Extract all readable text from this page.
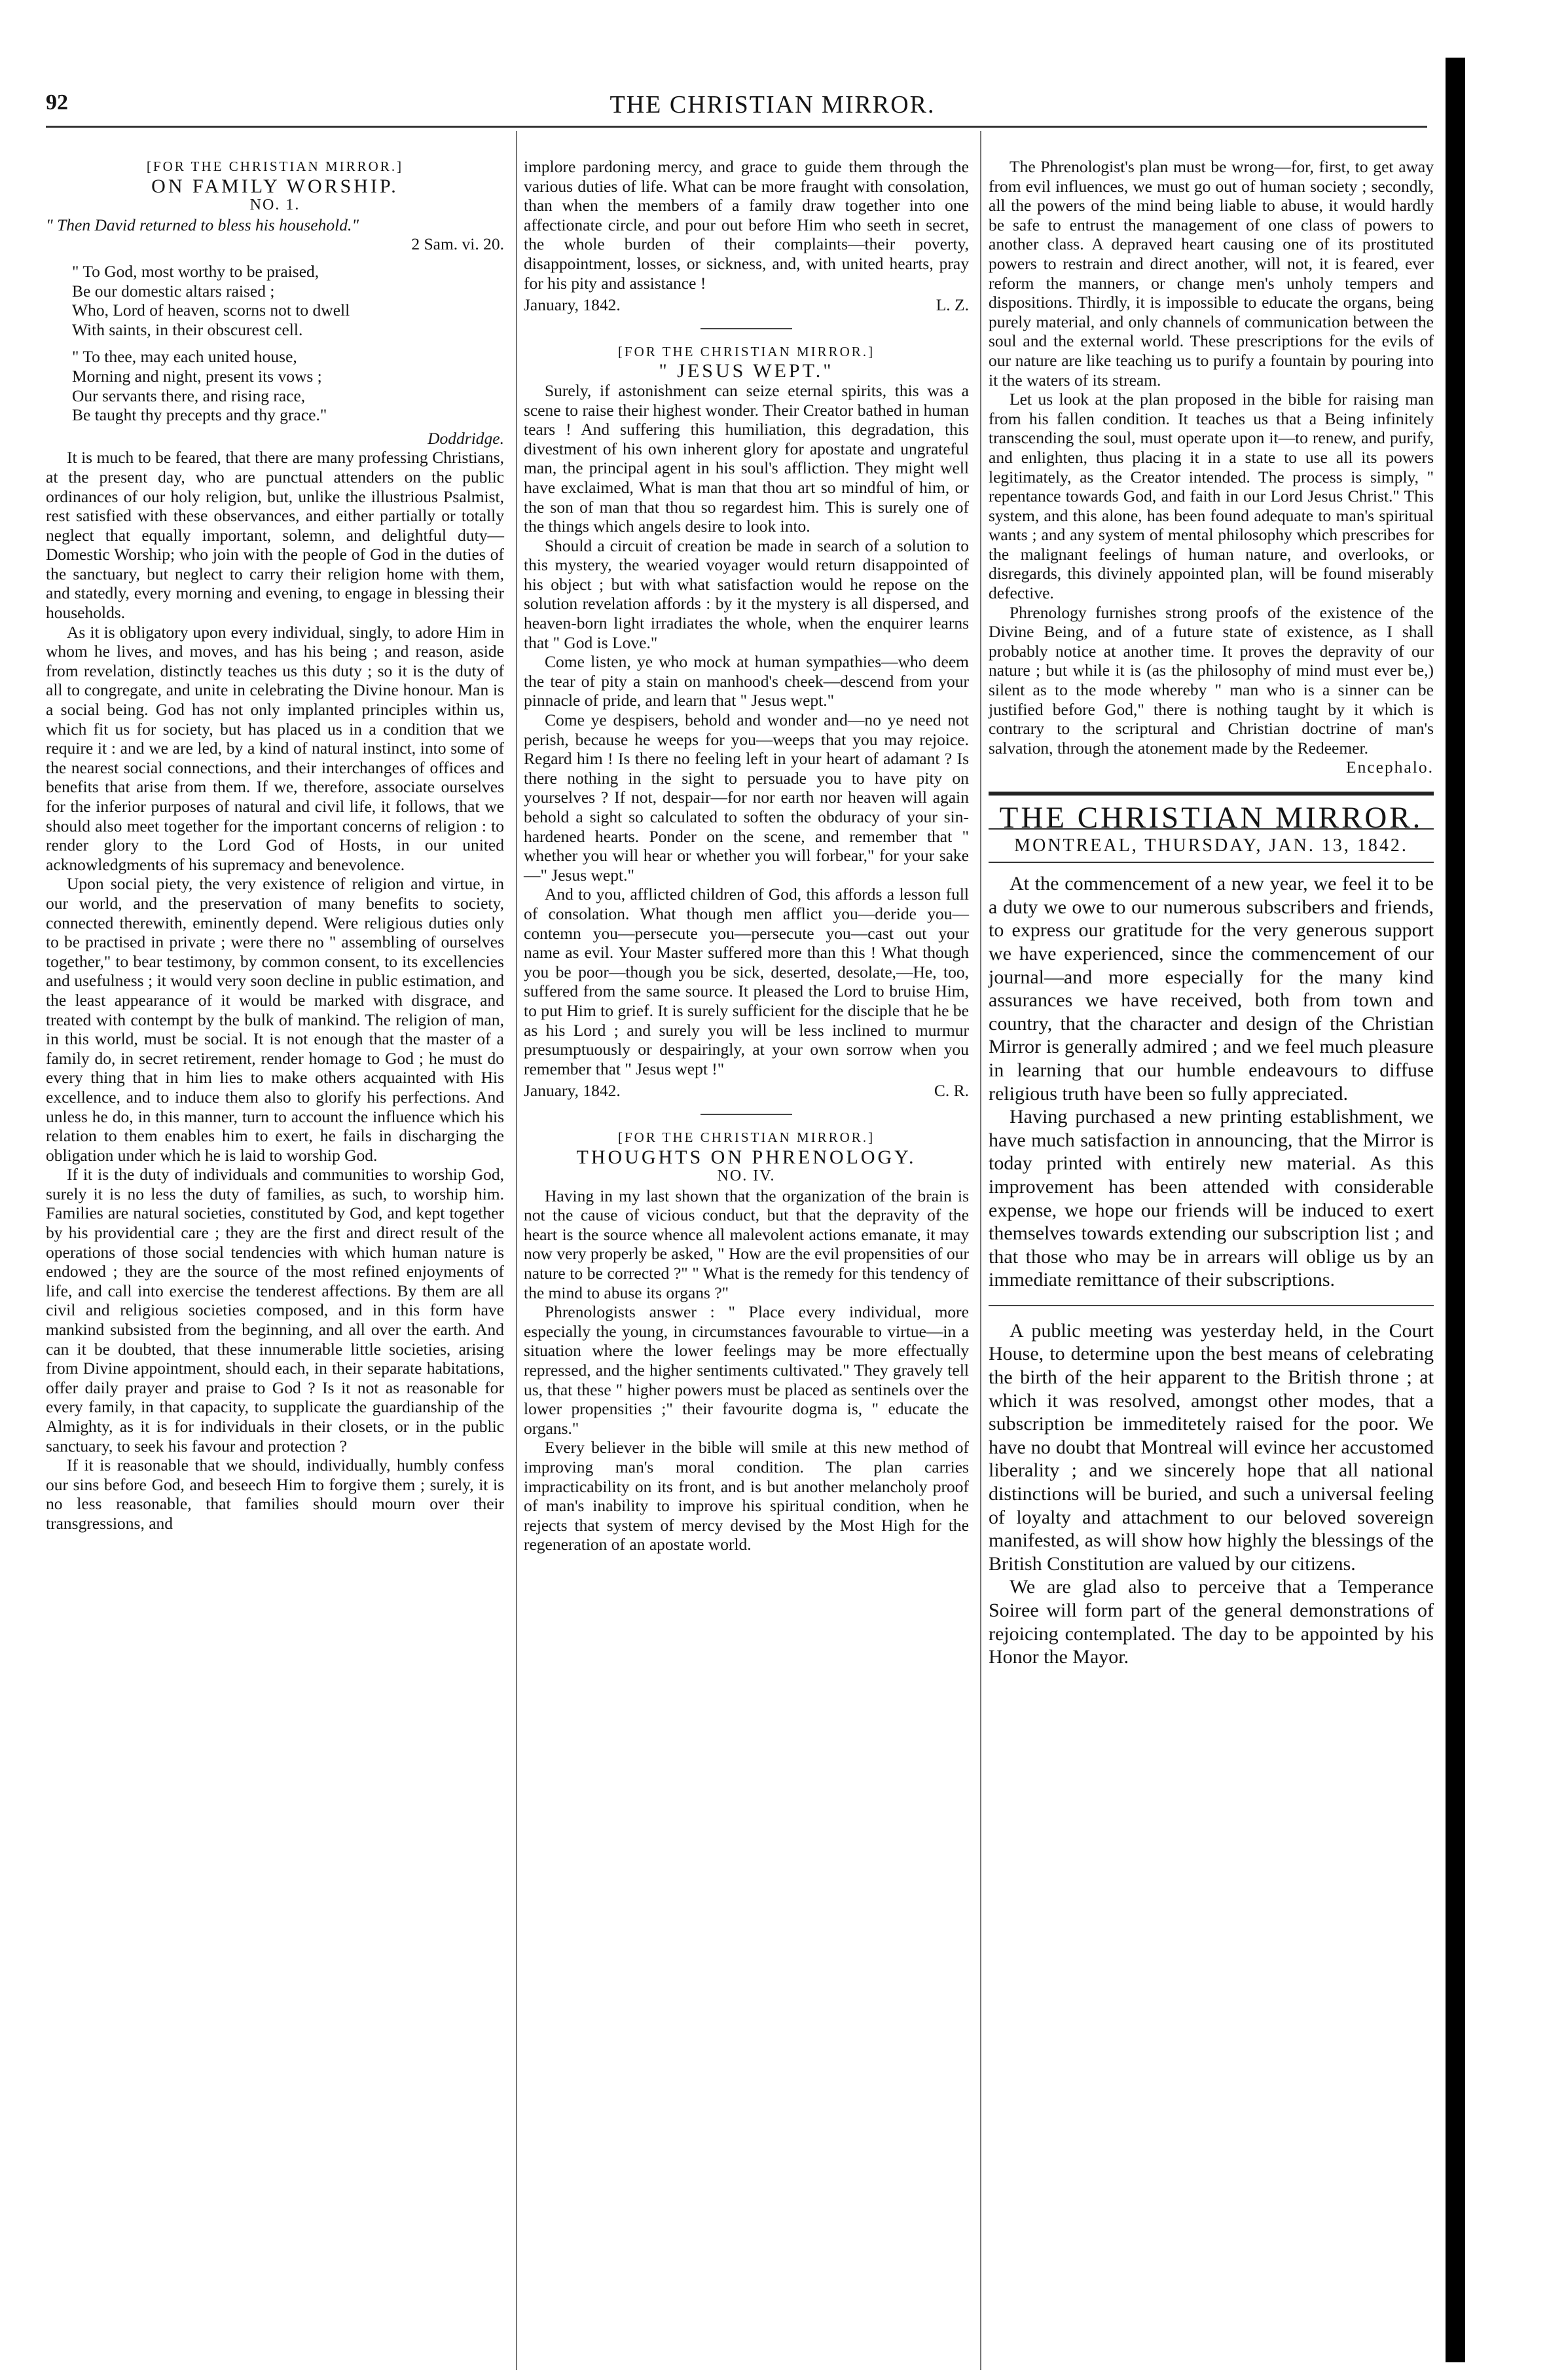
92	THE CHRISTIAN MIRROR.

[FOR THE CHRISTIAN MIRROR.]

ON FAMILY WORSHIP.

NO. 1.

" Then David returned to bless his household."

2 Sam. vi. 20.

" To God, most worthy to be praised,

Be our domestic altars raised ;

Who, Lord of heaven, scorns not to dwell

With saints, in their obscurest cell.

" To thee, may each united house,

Morning and night, present its vows ;

Our servants there, and rising race,

Be taught thy precepts and thy grace."

Doddridge.

It is much to be feared, that there are many professing Christians, at the present day, who are punctual attenders on the public ordinances of our holy religion, but, unlike the illustrious Psalmist, rest satisfied with these observances, and either partially or totally neglect that equally important, solemn, and delightful duty—Domestic Worship; who join with the people of God in the duties of the sanctuary, but neglect to carry their religion home with them, and statedly, every morning and evening, to engage in blessing their households.

As it is obligatory upon every individual, singly, to adore Him in whom he lives, and moves, and has his being ; and reason, aside from revelation, distinctly teaches us this duty ; so it is the duty of all to congregate, and unite in celebrating the Divine honour. Man is a social being. God has not only implanted principles within us, which fit us for society, but has placed us in a condition that we require it : and we are led, by a kind of natural instinct, into some of the nearest social connections, and their interchanges of offices and benefits that arise from them. If we, therefore, associate ourselves for the inferior purposes of natural and civil life, it follows, that we should also meet together for the important concerns of religion : to render glory to the Lord God of Hosts, in our united acknowledgments of his supremacy and benevolence.

Upon social piety, the very existence of religion and virtue, in our world, and the preservation of many benefits to society, connected therewith, eminently depend. Were religious duties only to be practised in private ; were there no " assembling of ourselves together," to bear testimony, by common consent, to its excellencies and usefulness ; it would very soon decline in public estimation, and the least appearance of it would be marked with disgrace, and treated with contempt by the bulk of mankind. The religion of man, in this world, must be social. It is not enough that the master of a family do, in secret retirement, render homage to God ; he must do every thing that in him lies to make others acquainted with His excellence, and to induce them also to glorify his perfections. And unless he do, in this manner, turn to account the influence which his relation to them enables him to exert, he fails in discharging the obligation under which he is laid to worship God.

If it is the duty of individuals and communities to worship God, surely it is no less the duty of families, as such, to worship him. Families are natural societies, constituted by God, and kept together by his providential care ; they are the first and direct result of the operations of those social tendencies with which human nature is endowed ; they are the source of the most refined enjoyments of life, and call into exercise the tenderest affections. By them are all civil and religious societies composed, and in this form have mankind subsisted from the beginning, and all over the earth. And can it be doubted, that these innumerable little societies, arising from Divine appointment, should each, in their separate habitations, offer daily prayer and praise to God ? Is it not as reasonable for every family, in that capacity, to supplicate the guardianship of the Almighty, as it is for individuals in their closets, or in the public sanctuary, to seek his favour and protection ?

If it is reasonable that we should, individually, humbly confess our sins before God, and beseech Him to forgive them ; surely, it is no less reasonable, that families should mourn over their transgressions, and

implore pardoning mercy, and grace to guide them through the various duties of life. What can be more fraught with consolation, than when the members of a family draw together into one affectionate circle, and pour out before Him who seeth in secret, the whole burden of their complaints—their poverty, disappointment, losses, or sickness, and, with united hearts, pray for his pity and assistance !

January, 1842.	L. Z.

[FOR THE CHRISTIAN MIRROR.]

" JESUS WEPT."

Surely, if astonishment can seize eternal spirits, this was a scene to raise their highest wonder. Their Creator bathed in human tears ! And suffering this humiliation, this degradation, this divestment of his own inherent glory for apostate and ungrateful man, the principal agent in his soul's affliction. They might well have exclaimed, What is man that thou art so mindful of him, or the son of man that thou so regardest him. This is surely one of the things which angels desire to look into.

Should a circuit of creation be made in search of a solution to this mystery, the wearied voyager would return disappointed of his object ; but with what satisfaction would he repose on the solution revelation affords : by it the mystery is all dispersed, and heaven-born light irradiates the whole, when the enquirer learns that " God is Love."

Come listen, ye who mock at human sympathies—who deem the tear of pity a stain on manhood's cheek—descend from your pinnacle of pride, and learn that " Jesus wept."

Come ye despisers, behold and wonder and—no ye need not perish, because he weeps for you—weeps that you may rejoice. Regard him ! Is there no feeling left in your heart of adamant ? Is there nothing in the sight to persuade you to have pity on yourselves ? If not, despair—for nor earth nor heaven will again behold a sight so calculated to soften the obduracy of your sin-hardened hearts. Ponder on the scene, and remember that " whether you will hear or whether you will forbear," for your sake —" Jesus wept."

And to you, afflicted children of God, this affords a lesson full of consolation. What though men afflict you—deride you—contemn you—persecute you—persecute you—cast out your name as evil. Your Master suffered more than this ! What though you be poor—though you be sick, deserted, desolate,—He, too, suffered from the same source. It pleased the Lord to bruise Him, to put Him to grief. It is surely sufficient for the disciple that he be as his Lord ; and surely you will be less inclined to murmur presumptuously or despairingly, at your own sorrow when you remember that " Jesus wept !"

January, 1842.	C. R.

[FOR THE CHRISTIAN MIRROR.]

THOUGHTS ON PHRENOLOGY.

NO. IV.

Having in my last shown that the organization of the brain is not the cause of vicious conduct, but that the depravity of the heart is the source whence all malevolent actions emanate, it may now very properly be asked, " How are the evil propensities of our nature to be corrected ?" " What is the remedy for this tendency of the mind to abuse its organs ?"

Phrenologists answer : " Place every individual, more especially the young, in circumstances favourable to virtue—in a situation where the lower feelings may be more effectually repressed, and the higher sentiments cultivated." They gravely tell us, that these " higher powers must be placed as sentinels over the lower propensities ;" their favourite dogma is, " educate the organs."

Every believer in the bible will smile at this new method of improving man's moral condition. The plan carries impracticability on its front, and is but another melancholy proof of man's inability to improve his spiritual condition, when he rejects that system of mercy devised by the Most High for the regeneration of an apostate world.

The Phrenologist's plan must be wrong—for, first, to get away from evil influences, we must go out of human society ; secondly, all the powers of the mind being liable to abuse, it would hardly be safe to entrust the management of one class of powers to another class. A depraved heart causing one of its prostituted powers to restrain and direct another, will not, it is feared, ever reform the manners, or change men's unholy tempers and dispositions. Thirdly, it is impossible to educate the organs, being purely material, and only channels of communication between the soul and the external world. These prescriptions for the evils of our nature are like teaching us to purify a fountain by pouring into it the waters of its stream.

Let us look at the plan proposed in the bible for raising man from his fallen condition. It teaches us that a Being infinitely transcending the soul, must operate upon it—to renew, and purify, and enlighten, thus placing it in a state to use all its powers legitimately, as the Creator intended. The process is simply, " repentance towards God, and faith in our Lord Jesus Christ." This system, and this alone, has been found adequate to man's spiritual wants ; and any system of mental philosophy which prescribes for the malignant feelings of human nature, and overlooks, or disregards, this divinely appointed plan, will be found miserably defective.

Phrenology furnishes strong proofs of the existence of the Divine Being, and of a future state of existence, as I shall probably notice at another time. It proves the depravity of our nature ; but while it is (as the philosophy of mind must ever be,) silent as to the mode whereby " man who is a sinner can be justified before God," there is nothing taught by it which is contrary to the scriptural and Christian doctrine of man's salvation, through the atonement made by the Redeemer.

Encephalo.

THE CHRISTIAN MIRROR.

MONTREAL, THURSDAY, JAN. 13, 1842.

At the commencement of a new year, we feel it to be a duty we owe to our numerous subscribers and friends, to express our gratitude for the very generous support we have experienced, since the commencement of our journal—and more especially for the many kind assurances we have received, both from town and country, that the character and design of the Christian Mirror is generally admired ; and we feel much pleasure in learning that our humble endeavours to diffuse religious truth have been so fully appreciated.

Having purchased a new printing establishment, we have much satisfaction in announcing, that the Mirror is today printed with entirely new material. As this improvement has been attended with considerable expense, we hope our friends will be induced to exert themselves towards extending our subscription list ; and that those who may be in arrears will oblige us by an immediate remittance of their subscriptions.

A public meeting was yesterday held, in the Court House, to determine upon the best means of celebrating the birth of the heir apparent to the British throne ; at which it was resolved, amongst other modes, that a subscription be immeditetely raised for the poor. We have no doubt that Montreal will evince her accustomed liberality ; and we sincerely hope that all national distinctions will be buried, and such a universal feeling of loyalty and attachment to our beloved sovereign manifested, as will show how highly the blessings of the British Constitution are valued by our citizens.

We are glad also to perceive that a Temperance Soiree will form part of the general demonstrations of rejoicing contemplated. The day to be appointed by his Honor the Mayor.
